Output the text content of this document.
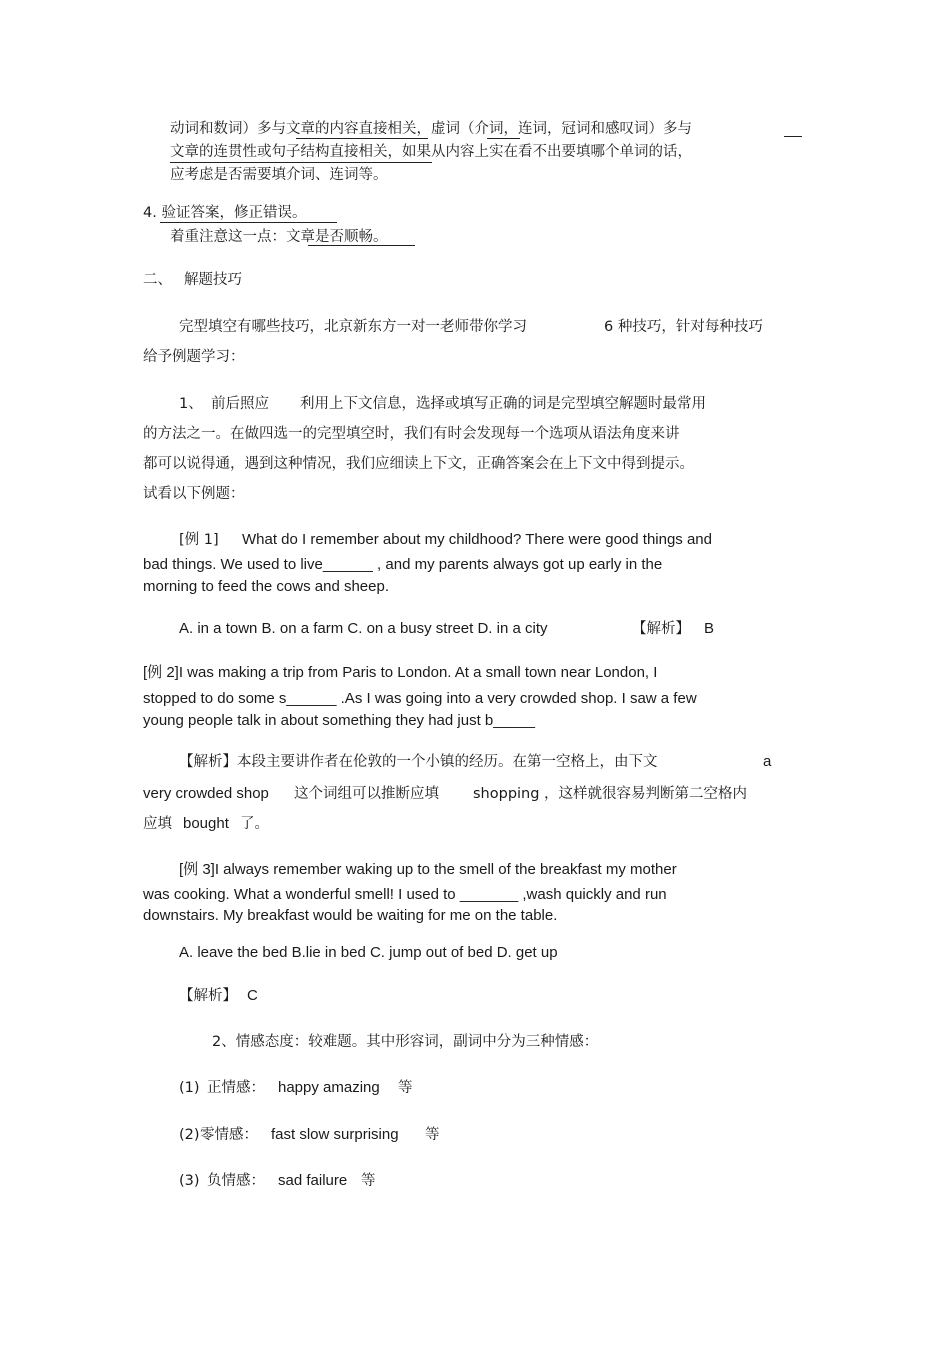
动词和数词）多与文章的内容直接相关，虚词（介词，连词，冠词和感叹词）多与
文章的连贯性或句子结构直接相关，如果从内容上实在看不出要填哪个单词的话，
应考虑是否需要填介词、连词等。
4. 验证答案，修正错误。
着重注意这一点：文章是否顺畅。
二、 解题技巧
完型填空有哪些技巧，北京新东方一对一老师带你学习	6 种技巧，针对每种技巧
给予例题学习：
1、 前后照应 利用上下文信息，选择或填写正确的词是完型填空解题时最常用
的方法之一。在做四选一的完型填空时，我们有时会发现每一个选项从语法角度来讲
都可以说得通，遇到这种情况，我们应细读上下文，正确答案会在上下文中得到提示。
试看以下例题：
[例 1] What do I remember about my childhood? There were good things and
bad things. We used to live______ , and my parents always got up early in the
morning to feed the cows and sheep.
A. in a town B. on a farm C. on a busy street D. in a city	【解析】 B
[例 2]I was making a trip from Paris to London. At a small town near London, I
stopped to do some s______ .As I was going into a very crowded shop. I saw a few
young people talk in about something they had just b_____
【解析】本段主要讲作者在伦敦的一个小镇的经历。在第一空格上，由下文	a
very crowded shop 这个词组可以推断应填 shopping ，这样就很容易判断第二空格内
应填 bought 了。
[例 3]I always remember waking up to the smell of the breakfast my mother
was cooking. What a wonderful smell! I used to _______ ,wash quickly and run
downstairs. My breakfast would be waiting for me on the table.
A. leave the bed B.lie in bed C. jump out of bed D. get up
【解析】 C
2、情感态度：较难题。其中形容词，副词中分为三种情感：
(1) 正情感： happy amazing 等
(2) 零情感： fast slow surprising 等
(3) 负情感： sad failure 等
